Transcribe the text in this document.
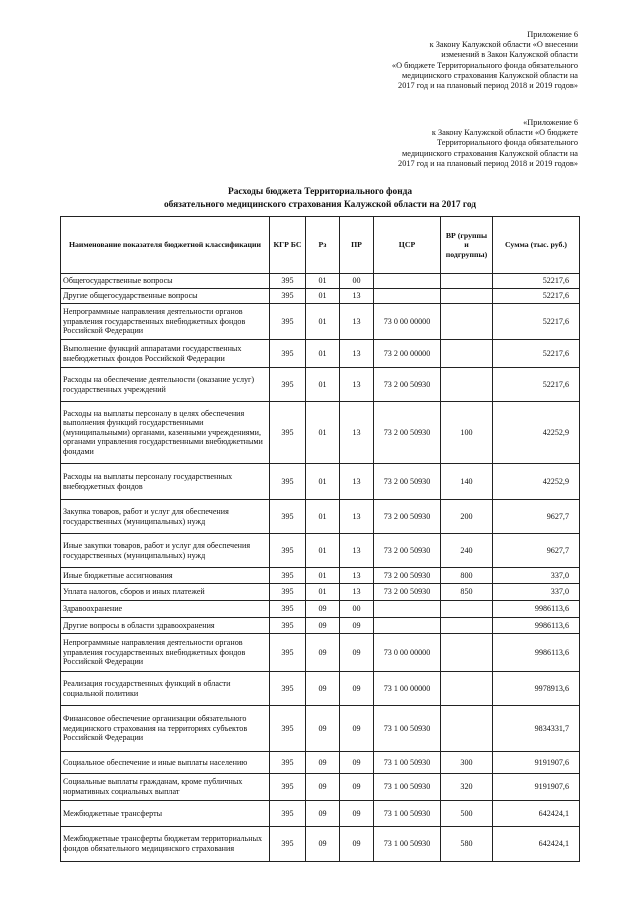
Приложение 6
к Закону Калужской области «О внесении
изменений в Закон Калужской области
«О бюджете Территориального фонда обязательного
медицинского страхования Калужской области на
2017 год и на плановый период 2018 и 2019 годов»
«Приложение 6
к Закону Калужской области «О бюджете
Территориального фонда обязательного
медицинского страхования Калужской области на
2017 год и на плановый период 2018 и 2019 годов»
Расходы бюджета Территориального фонда
обязательного медицинского страхования Калужской области на 2017 год
Наименование показателя бюджетной классификации	КГР БС	Рз	ПР	ЦСР	ВР (группы и подгруппы)	Сумма (тыс. руб.)
Общегосударственные вопросы	395	01	00			52217,6
Другие общегосударственные вопросы	395	01	13			52217,6
Непрограммные направления деятельности органов управления государственных внебюджетных фондов Российской Федерации	395	01	13	73 0 00 00000		52217,6
Выполнение функций аппаратами государственных внебюджетных фондов Российской Федерации	395	01	13	73 2 00 00000		52217,6
Расходы на обеспечение деятельности (оказание услуг) государственных учреждений	395	01	13	73 2 00 50930		52217,6
Расходы на выплаты персоналу в целях обеспечения выполнения функций государственными (муниципальными) органами, казенными учреждениями, органами управления государственными внебюджетными фондами	395	01	13	73 2 00 50930	100	42252,9
Расходы на выплаты персоналу государственных внебюджетных фондов	395	01	13	73 2 00 50930	140	42252,9
Закупка товаров, работ и услуг для обеспечения государственных (муниципальных) нужд	395	01	13	73 2 00 50930	200	9627,7
Иные закупки товаров, работ и услуг для обеспечения государственных (муниципальных) нужд	395	01	13	73 2 00 50930	240	9627,7
Иные бюджетные ассигнования	395	01	13	73 2 00 50930	800	337,0
Уплата налогов, сборов и иных платежей	395	01	13	73 2 00 50930	850	337,0
Здравоохранение	395	09	00			9986113,6
Другие вопросы в области здравоохранения	395	09	09			9986113,6
Непрограммные направления деятельности органов управления государственных внебюджетных фондов Российской Федерации	395	09	09	73 0 00 00000		9986113,6
Реализация государственных функций в области социальной политики	395	09	09	73 1 00 00000		9978913,6
Финансовое обеспечение организации обязательного медицинского страхования на территориях субъектов Российской Федерации	395	09	09	73 1 00 50930		9834331,7
Социальное обеспечение и иные выплаты населению	395	09	09	73 1 00 50930	300	9191907,6
Социальные выплаты гражданам, кроме публичных нормативных социальных выплат	395	09	09	73 1 00 50930	320	9191907,6
Межбюджетные трансферты	395	09	09	73 1 00 50930	500	642424,1
Межбюджетные трансферты бюджетам территориальных фондов обязательного медицинского страхования	395	09	09	73 1 00 50930	580	642424,1
